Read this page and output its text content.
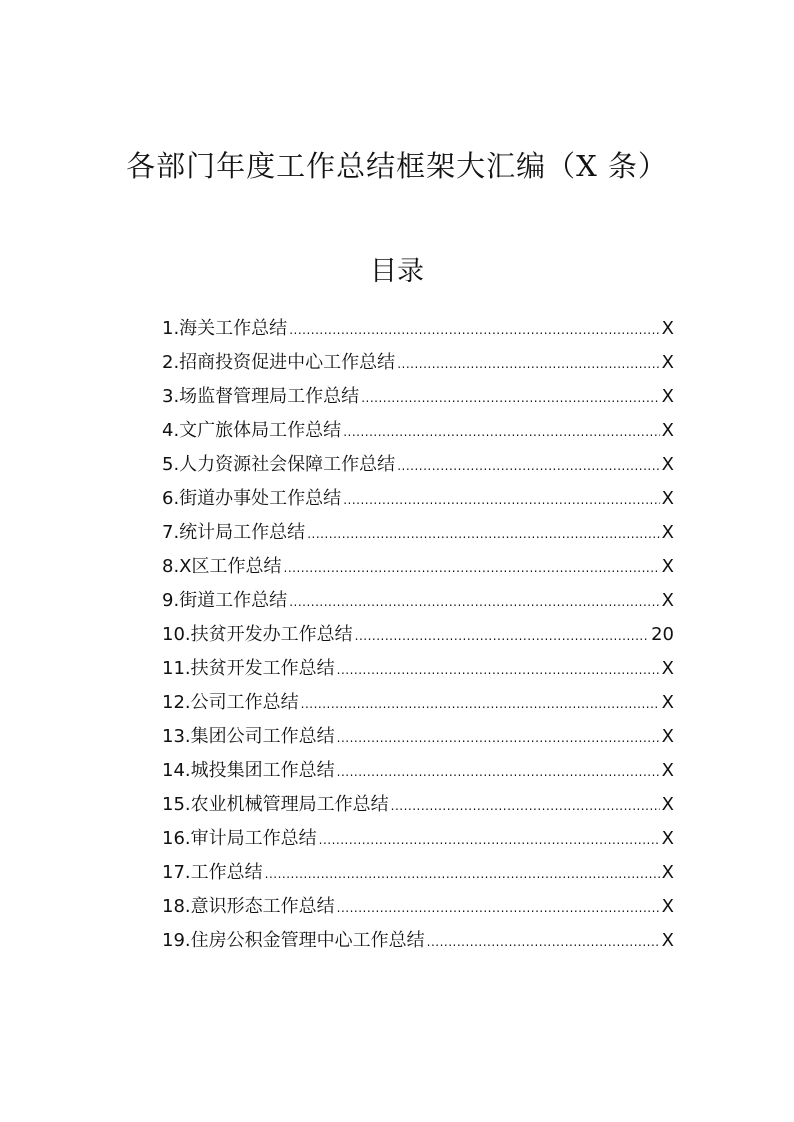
各部门年度工作总结框架大汇编（X 条）
目录
1.海关工作总结 .....	X
2.招商投资促进中心工作总结 .....	X
3.场监督管理局工作总结 .....	X
4.文广旅体局工作总结 .....	X
5.人力资源社会保障工作总结 .....	X
6.街道办事处工作总结 .....	X
7.统计局工作总结 .....	X
8.X区工作总结 .....	X
9.街道工作总结 .....	X
10.扶贫开发办工作总结 .....	20
11.扶贫开发工作总结 .....	X
12.公司工作总结 .....	X
13.集团公司工作总结 .....	X
14.城投集团工作总结 .....	X
15.农业机械管理局工作总结 .....	X
16.审计局工作总结 .....	X
17.工作总结 .....	X
18.意识形态工作总结 .....	X
19.住房公积金管理中心工作总结 .....	X
